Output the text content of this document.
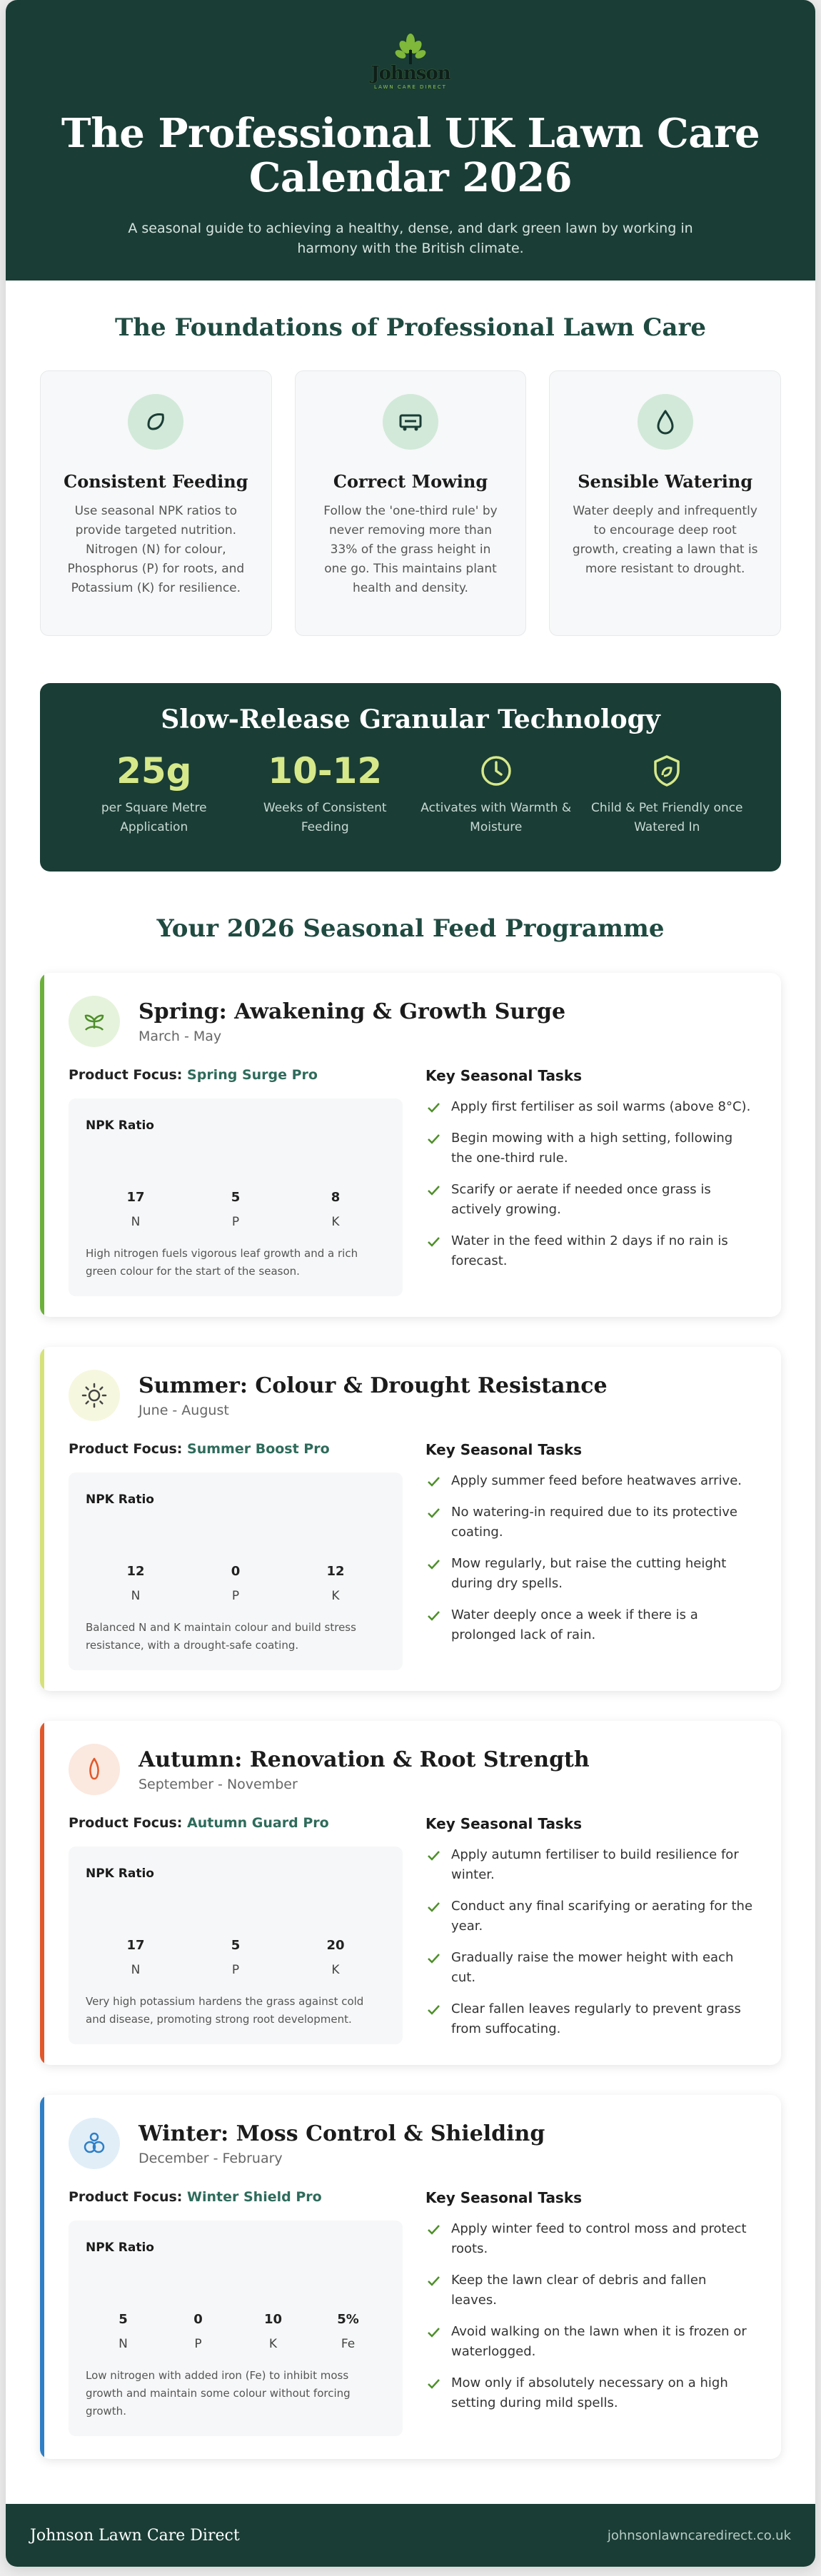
Johnson
LAWN CARE DIRECT
The Professional UK Lawn Care Calendar 2026

A seasonal guide to achieving a healthy, dense, and dark green lawn by working in harmony with the British climate.

The Foundations of Professional Lawn Care
Consistent Feeding

Use seasonal NPK ratios to provide targeted nutrition. Nitrogen (N) for colour, Phosphorus (P) for roots, and Potassium (K) for resilience.

Correct Mowing

Follow the 'one-third rule' by never removing more than 33% of the grass height in one go. This maintains plant health and density.

Sensible Watering

Water deeply and infrequently to encourage deep root growth, creating a lawn that is more resistant to drought.

Slow-Release Granular Technology
25g
per Square Metre Application
10-12
Weeks of Consistent Feeding
Activates with Warmth & Moisture
Child & Pet Friendly once Watered In
Your 2026 Seasonal Feed Programme
Spring: Awakening & Growth Surge
March - May
Product Focus: Spring Surge Pro
NPK Ratio
17
N
5
P
8
K
High nitrogen fuels vigorous leaf growth and a rich green colour for the start of the season.
Key Seasonal Tasks
Apply first fertiliser as soil warms (above 8°C).
Begin mowing with a high setting, following the one-third rule.
Scarify or aerate if needed once grass is actively growing.
Water in the feed within 2 days if no rain is forecast.
Summer: Colour & Drought Resistance
June - August
Product Focus: Summer Boost Pro
NPK Ratio
12
N
0
P
12
K
Balanced N and K maintain colour and build stress resistance, with a drought-safe coating.
Key Seasonal Tasks
Apply summer feed before heatwaves arrive.
No watering-in required due to its protective coating.
Mow regularly, but raise the cutting height during dry spells.
Water deeply once a week if there is a prolonged lack of rain.
Autumn: Renovation & Root Strength
September - November
Product Focus: Autumn Guard Pro
NPK Ratio
17
N
5
P
20
K
Very high potassium hardens the grass against cold and disease, promoting strong root development.
Key Seasonal Tasks
Apply autumn fertiliser to build resilience for winter.
Conduct any final scarifying or aerating for the year.
Gradually raise the mower height with each cut.
Clear fallen leaves regularly to prevent grass from suffocating.
Winter: Moss Control & Shielding
December - February
Product Focus: Winter Shield Pro
NPK Ratio
5
N
0
P
10
K
5%
Fe
Low nitrogen with added iron (Fe) to inhibit moss growth and maintain some colour without forcing growth.
Key Seasonal Tasks
Apply winter feed to control moss and protect roots.
Keep the lawn clear of debris and fallen leaves.
Avoid walking on the lawn when it is frozen or waterlogged.
Mow only if absolutely necessary on a high setting during mild spells.
Johnson Lawn Care Direct	johnsonlawncaredirect.co.uk
